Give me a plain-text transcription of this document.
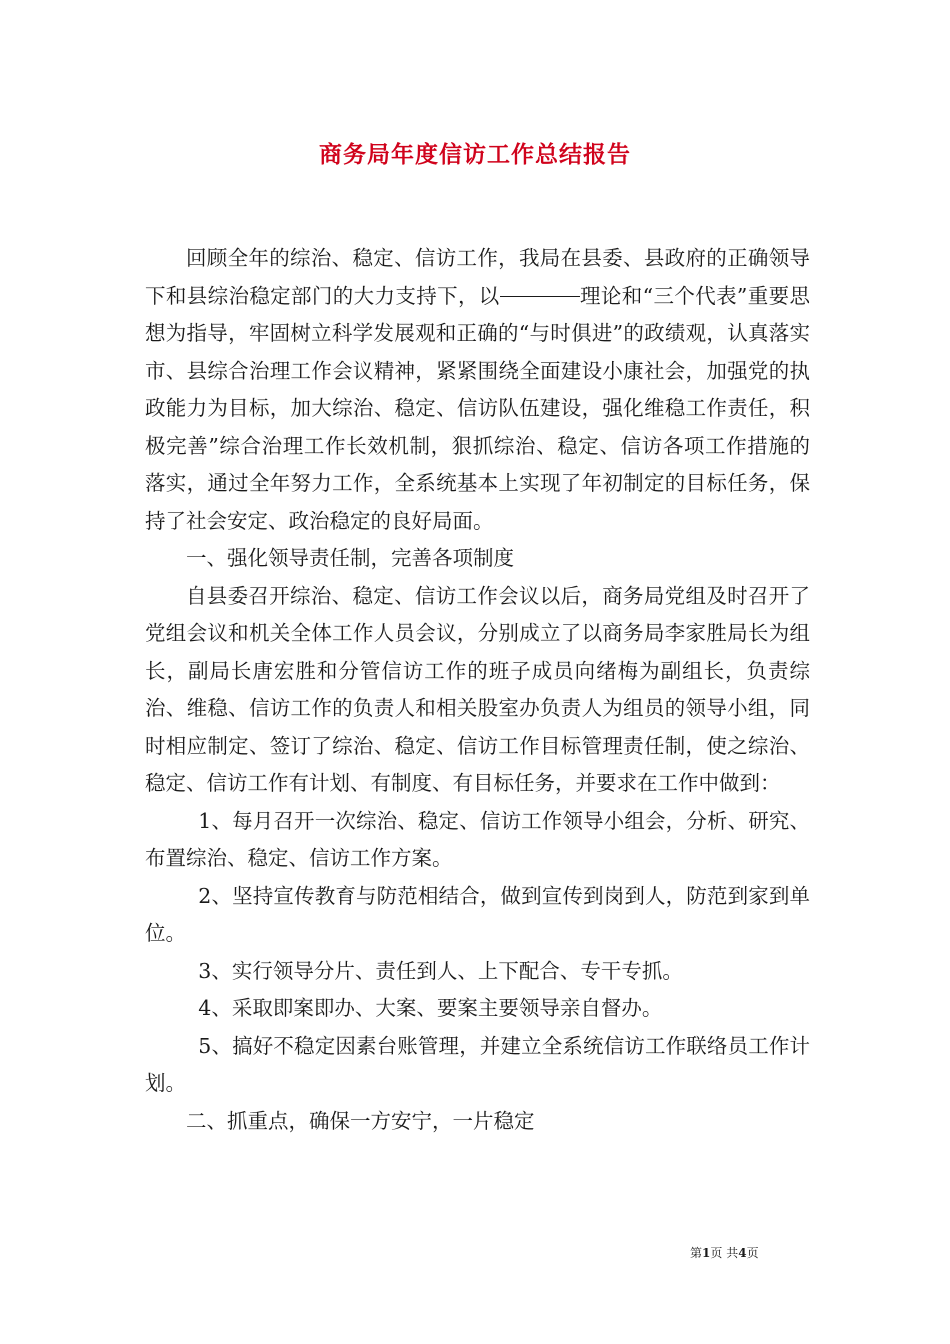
商务局年度信访工作总结报告

回顾全年的综治、稳定、信访工作，我局在县委、县政府的正确领导下和县综治稳定部门的大力支持下，以	理论和“三个代表”重要思想为指导，牢固树立科学发展观和正确的“与时俱进”的政绩观，认真落实市、县综合治理工作会议精神，紧紧围绕全面建设小康社会，加强党的执政能力为目标，加大综治、稳定、信访队伍建设，强化维稳工作责任，积极完善”综合治理工作长效机制，狠抓综治、稳定、信访各项工作措施的落实，通过全年努力工作，全系统基本上实现了年初制定的目标任务，保持了社会安定、政治稳定的良好局面。

一、强化领导责任制，完善各项制度

自县委召开综治、稳定、信访工作会议以后，商务局党组及时召开了党组会议和机关全体工作人员会议，分别成立了以商务局李家胜局长为组长，副局长唐宏胜和分管信访工作的班子成员向绪梅为副组长，负责综治、维稳、信访工作的负责人和相关股室办负责人为组员的领导小组，同时相应制定、签订了综治、稳定、信访工作目标管理责任制，使之综治、稳定、信访工作有计划、有制度、有目标任务，并要求在工作中做到：

1、每月召开一次综治、稳定、信访工作领导小组会，分析、研究、布置综治、稳定、信访工作方案。

2、坚持宣传教育与防范相结合，做到宣传到岗到人，防范到家到单位。

3、实行领导分片、责任到人、上下配合、专干专抓。

4、采取即案即办、大案、要案主要领导亲自督办。

5、搞好不稳定因素台账管理，并建立全系统信访工作联络员工作计划。

二、抓重点，确保一方安宁，一片稳定

第1页 共4页
